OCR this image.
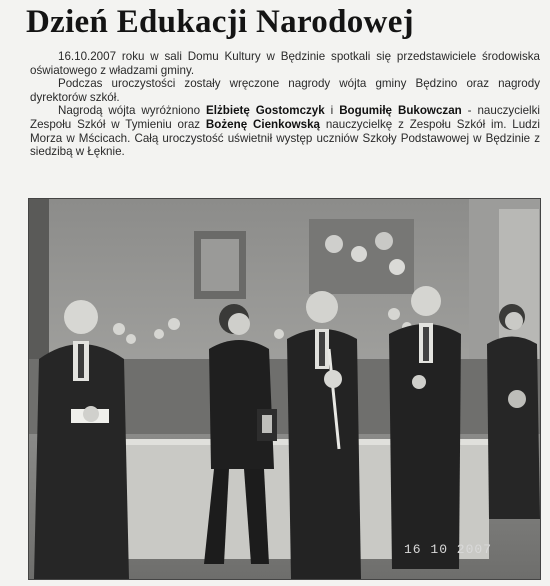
Dzień Edukacji Narodowej

16.10.2007 roku w sali Domu Kultury w Będzinie spotkali się przedstawiciele środowiska oświatowego z władzami gminy.

Podczas uroczystości zostały wręczone nagrody wójta gminy Będzino oraz nagrody dyrektorów szkół.

Nagrodą wójta wyróżniono Elżbietę Gostomczyk i Bogumiłę Bukowczan - nauczycielki Zespołu Szkół w Tymieniu oraz Bożenę Cienkowską nauczycielkę z Zespołu Szkół im. Ludzi Morza w Mścicach. Całą uroczystość uświetnił występ uczniów Szkoły Podstawowej w Będzinie z siedzibą w Łęknie.

16 10 2007
